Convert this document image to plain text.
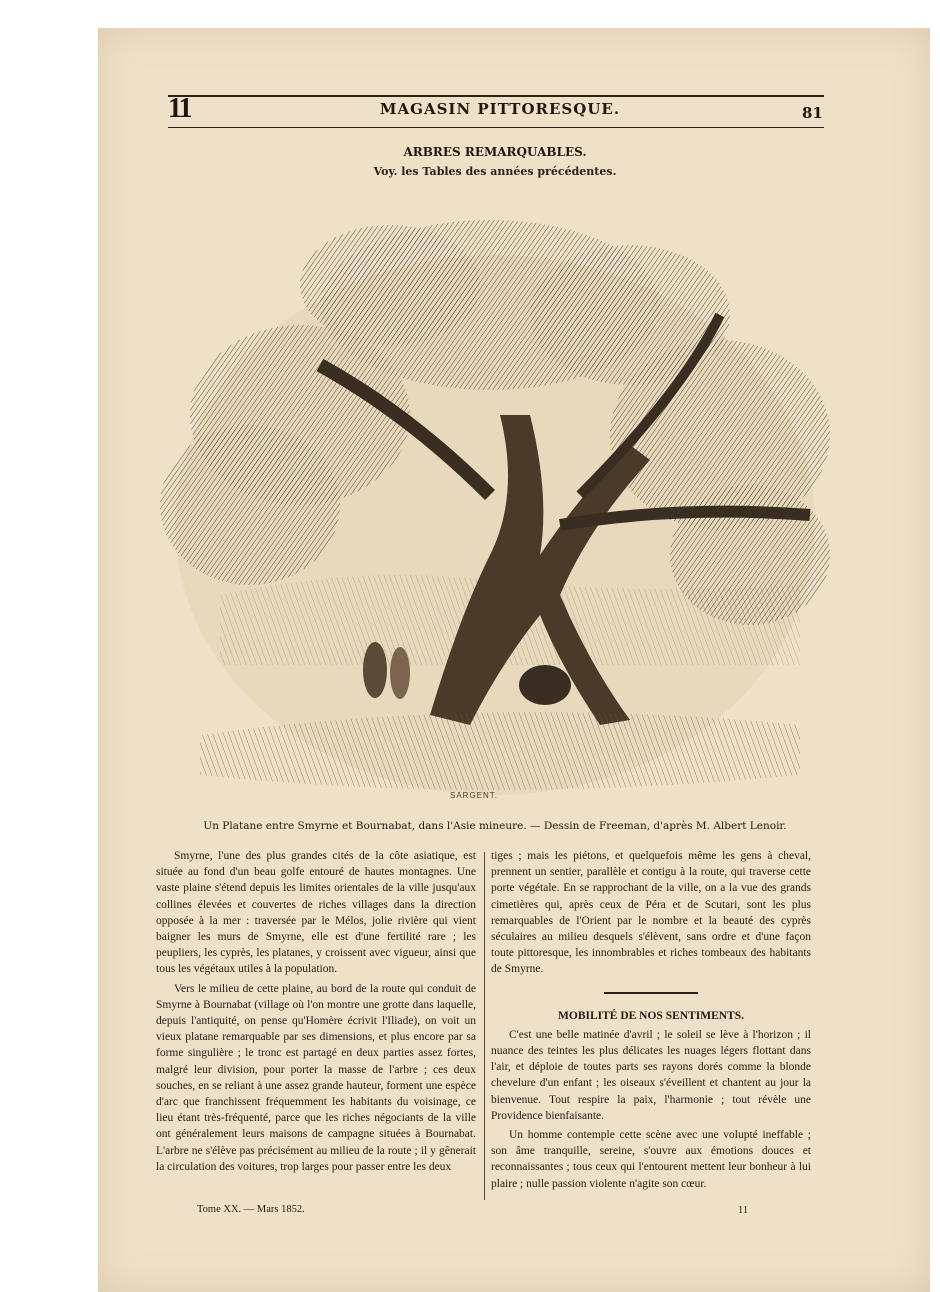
11	MAGASIN PITTORESQUE.	81
ARBRES REMARQUABLES.
Voy. les Tables des années précédentes.
SARGENT.
Un Platane entre Smyrne et Bournabat, dans l'Asie mineure. — Dessin de Freeman, d'après M. Albert Lenoir.

Smyrne, l'une des plus grandes cités de la côte asiatique, est située au fond d'un beau golfe entouré de hautes montagnes. Une vaste plaine s'étend depuis les limites orientales de la ville jusqu'aux collines élevées et couvertes de riches villages dans la direction opposée à la mer : traversée par le Mélos, jolie rivière qui vient baigner les murs de Smyrne, elle est d'une fertilité rare ; les peupliers, les cyprès, les platanes, y croissent avec vigueur, ainsi que tous les végétaux utiles à la population.

Vers le milieu de cette plaine, au bord de la route qui conduit de Smyrne à Bournabat (village où l'on montre une grotte dans laquelle, depuis l'antiquité, on pense qu'Homère écrivit l'Iliade), on voit un vieux platane remarquable par ses dimensions, et plus encore par sa forme singulière ; le tronc est partagé en deux parties assez fortes, malgré leur division, pour porter la masse de l'arbre ; ces deux souches, en se reliant à une assez grande hauteur, forment une espèce d'arc que franchissent fréquemment les habitants du voisinage, ce lieu étant très-fréquenté, parce que les riches négociants de la ville ont généralement leurs maisons de campagne situées à Bournabat. L'arbre ne s'élève pas précisément au milieu de la route ; il y gênerait la circulation des voitures, trop larges pour passer entre les deux

tiges ; mais les piétons, et quelquefois même les gens à cheval, prennent un sentier, parallèle et contigu à la route, qui traverse cette porte végétale. En se rapprochant de la ville, on a la vue des grands cimetières qui, après ceux de Péra et de Scutari, sont les plus remarquables de l'Orient par le nombre et la beauté des cyprès séculaires au milieu desquels s'élèvent, sans ordre et d'une façon toute pittoresque, les innombrables et riches tombeaux des habitants de Smyrne.

MOBILITÉ DE NOS SENTIMENTS.

C'est une belle matinée d'avril ; le soleil se lève à l'horizon ; il nuance des teintes les plus délicates les nuages légers flottant dans l'air, et déploie de toutes parts ses rayons dorés comme la blonde chevelure d'un enfant ; les oiseaux s'éveillent et chantent au jour la bienvenue. Tout respire la paix, l'harmonie ; tout révèle une Providence bienfaisante.

Un homme contemple cette scène avec une volupté ineffable ; son âme tranquille, sereine, s'ouvre aux émotions douces et reconnaissantes ; tous ceux qui l'entourent mettent leur bonheur à lui plaire ; nulle passion violente n'agite son cœur.

Tome XX. — Mars 1852.	11
